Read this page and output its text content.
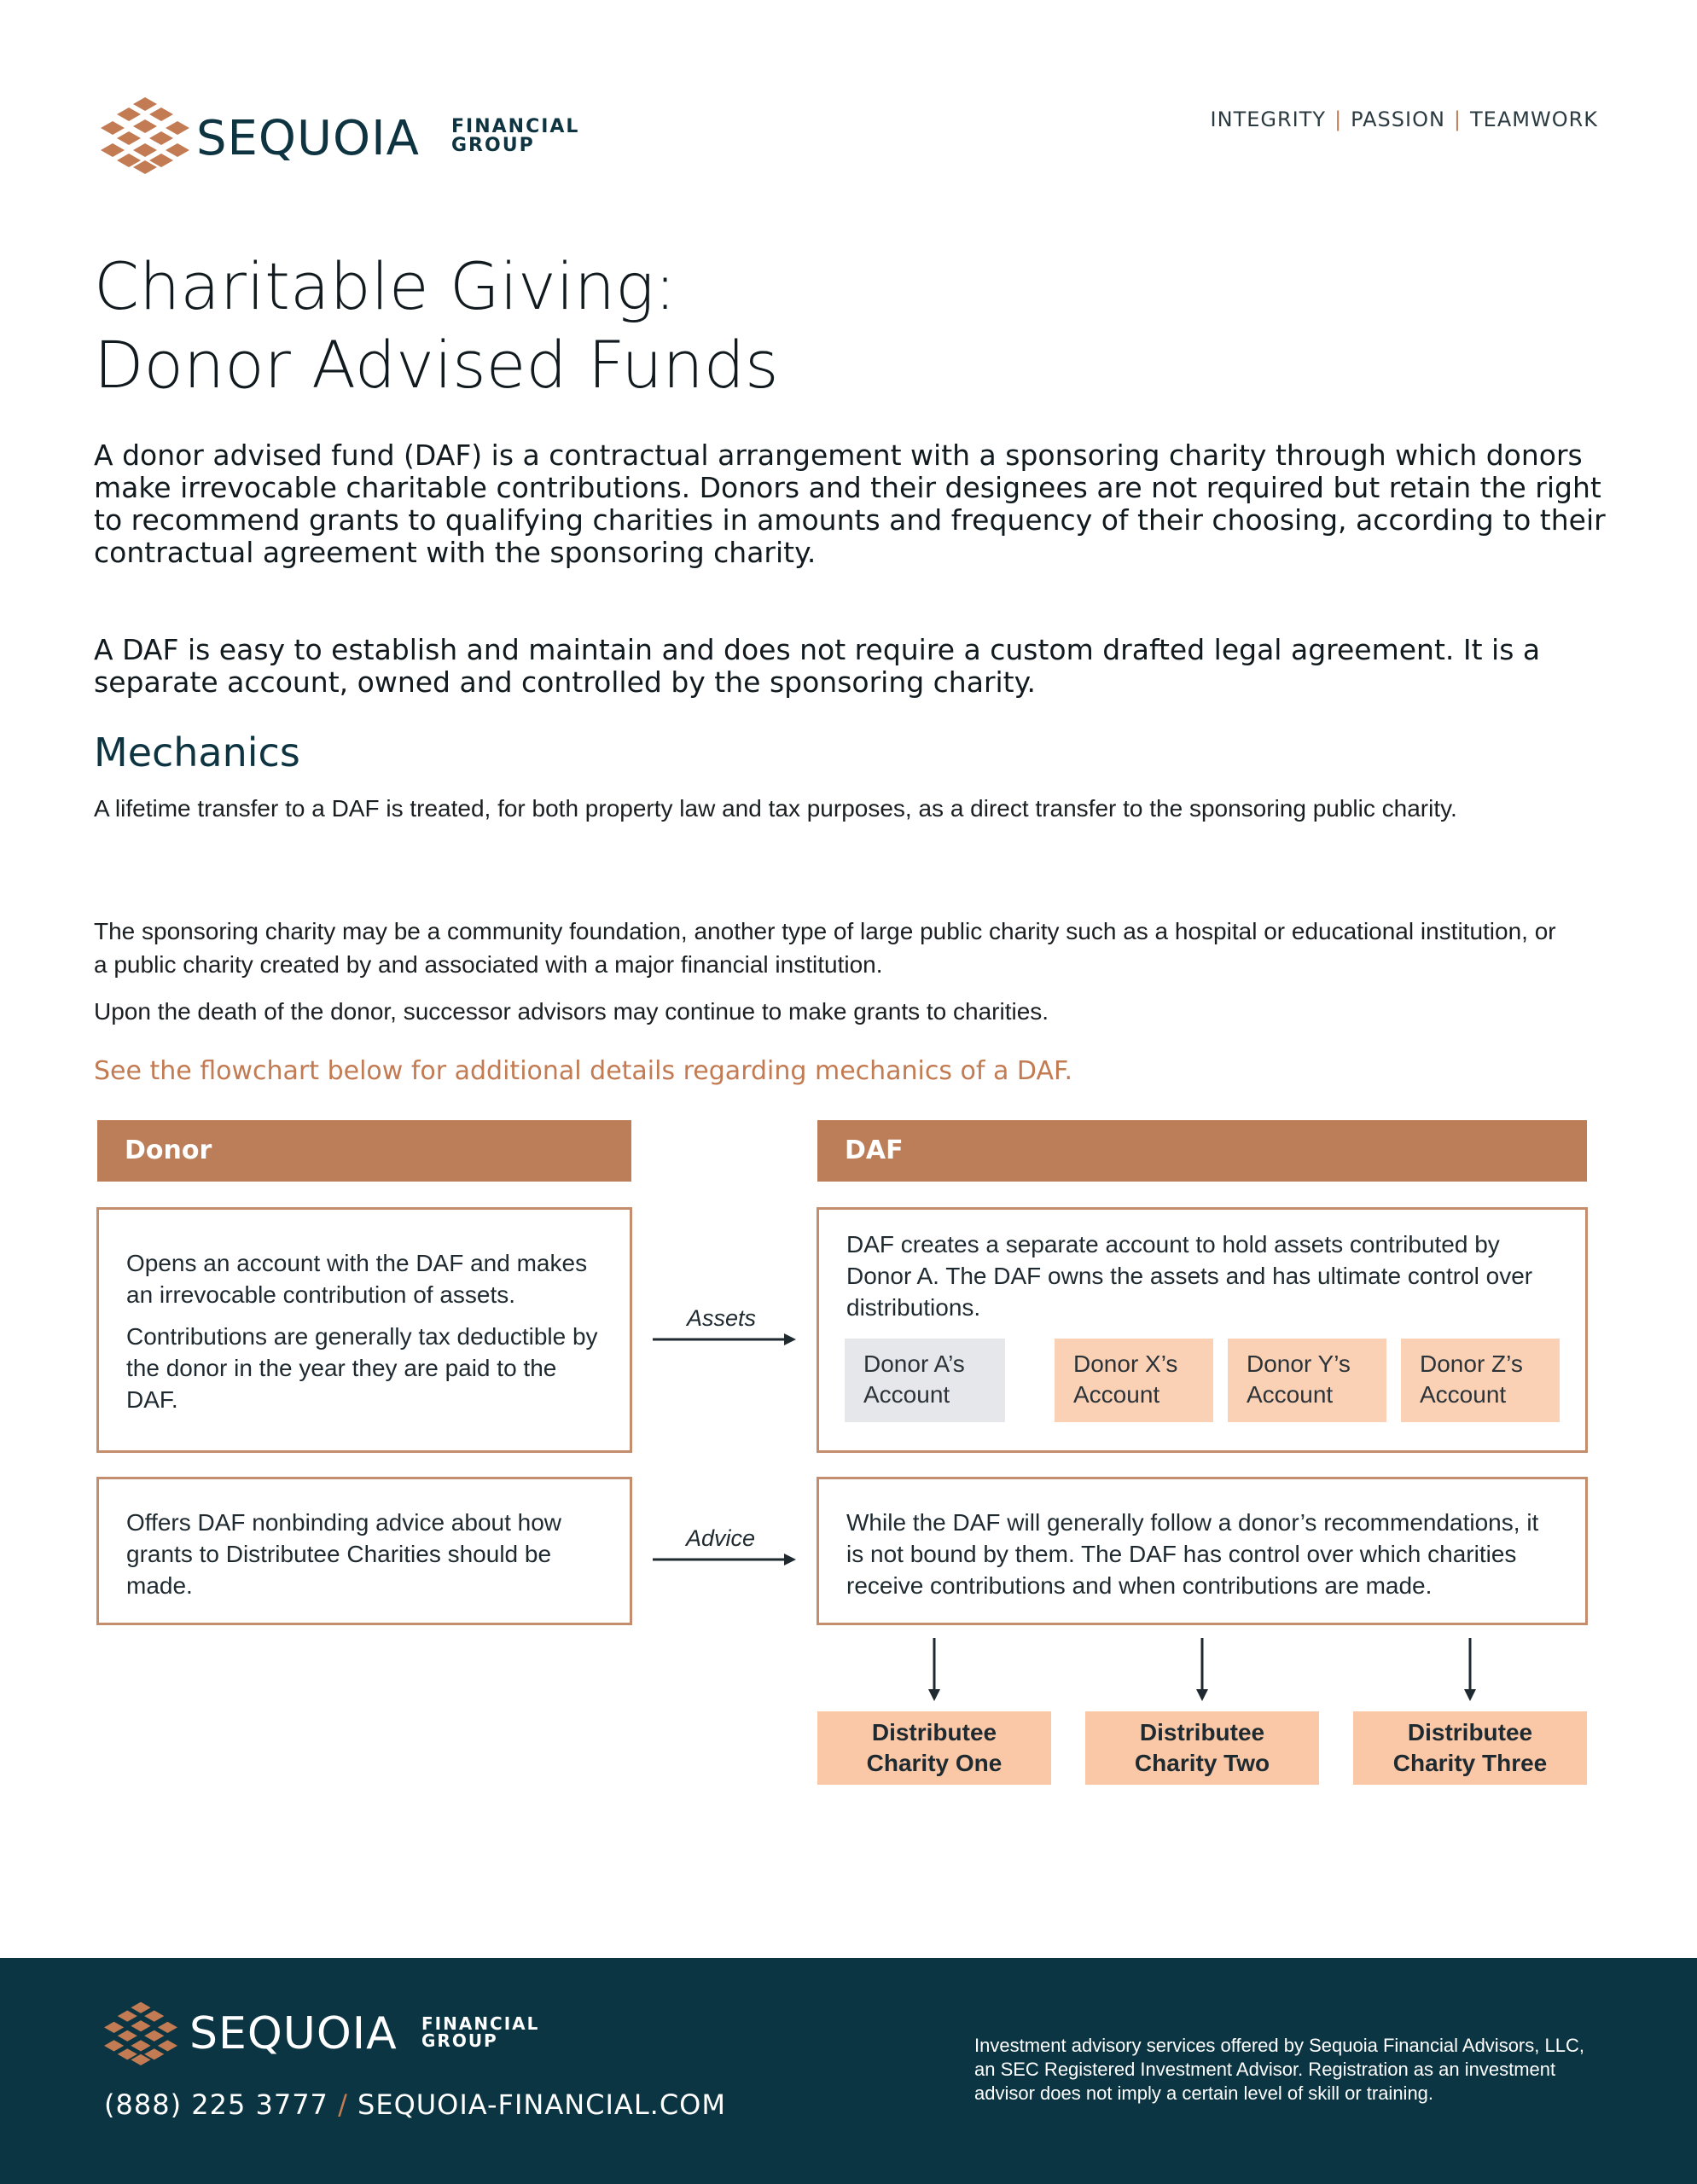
SEQUOIA FINANCIAL
GROUP
INTEGRITY | PASSION | TEAMWORK
Charitable Giving:
Donor Advised Funds
A donor advised fund (DAF) is a contractual arrangement with a sponsoring charity through which donors make irrevocable charitable contributions. Donors and their designees are not required but retain the right to recommend grants to qualifying charities in amounts and frequency of their choosing, according to their contractual agreement with the sponsoring charity.
A DAF is easy to establish and maintain and does not require a custom drafted legal agreement. It is a separate account, owned and controlled by the sponsoring charity.
Mechanics
A lifetime transfer to a DAF is treated, for both property law and tax purposes, as a direct transfer to the sponsoring public charity.
The sponsoring charity may be a community foundation, another type of large public charity such as a hospital or educational institution, or a public charity created by and associated with a major financial institution.
Upon the death of the donor, successor advisors may continue to make grants to charities.
See the flowchart below for additional details regarding mechanics of a DAF.
Donor	DAF

Opens an account with the DAF and makes an irrevocable contribution of assets.

Contributions are generally tax deductible by the donor in the year they are paid to the DAF.

Offers DAF nonbinding advice about how grants to Distributee Charities should be made.

Assets
Advice

DAF creates a separate account to hold assets contributed by Donor A. The DAF owns the assets and has ultimate control over distributions.

Donor A’s
Account
Donor X’s
Account
Donor Y’s
Account
Donor Z’s
Account

While the DAF will generally follow a donor’s recommendations, it is not bound by them. The DAF has control over which charities receive contributions and when contributions are made.

Distributee
Charity One
Distributee
Charity Two
Distributee
Charity Three
SEQUOIA FINANCIAL
GROUP
(888) 225 3777 / SEQUOIA-FINANCIAL.COM
Investment advisory services offered by Sequoia Financial Advisors, LLC, an SEC Registered Investment Advisor. Registration as an investment advisor does not imply a certain level of skill or training.
